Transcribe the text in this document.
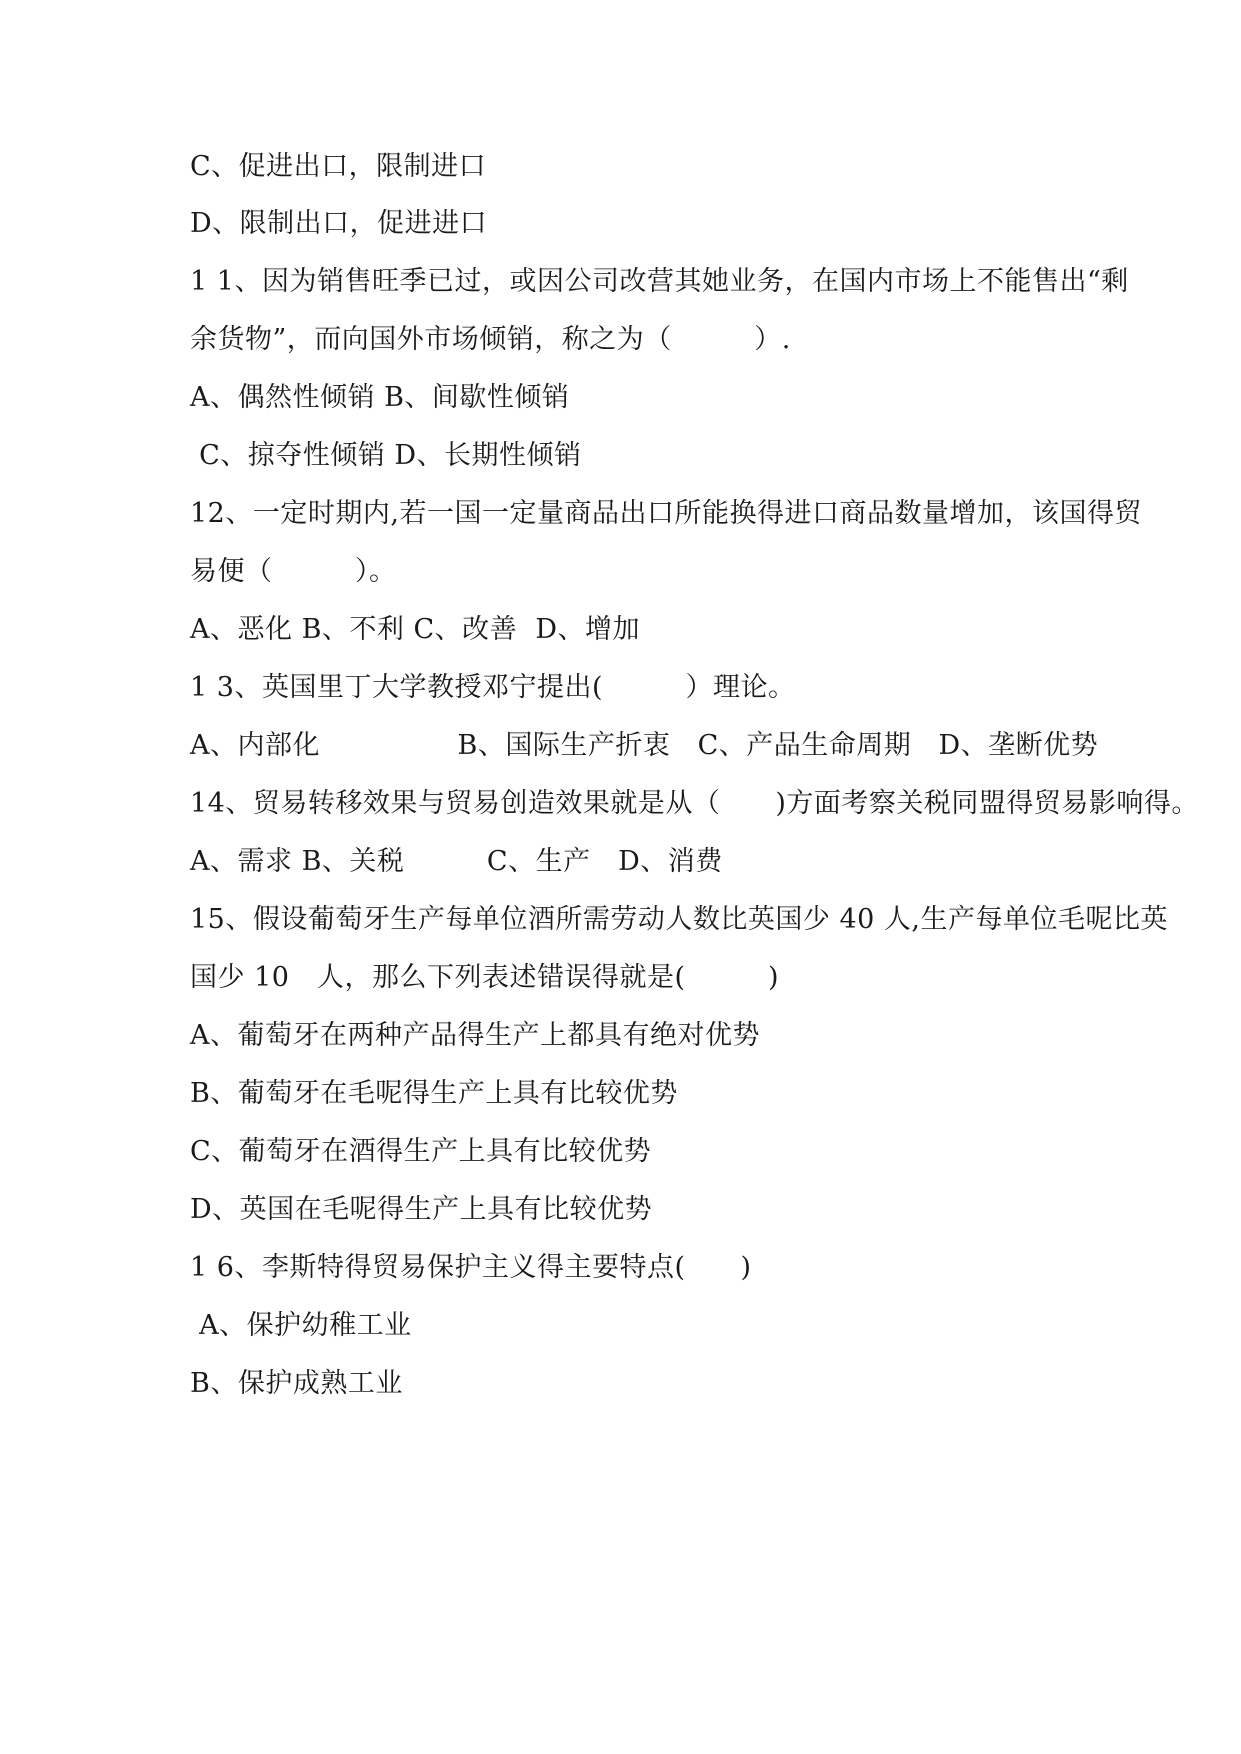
C、促进出口，限制进口
D、限制出口，促进进口
1 1、因为销售旺季已过，或因公司改营其她业务，在国内市场上不能售出“剩
余货物”，而向国外市场倾销，称之为（　　　）.
A、偶然性倾销 B、间歇性倾销
C、掠夺性倾销 D、长期性倾销
12、一定时期内,若一国一定量商品出口所能换得进口商品数量增加，该国得贸
易便（　　　）。
A、恶化 B、不利 C、改善  D、增加
1 3、英国里丁大学教授邓宁提出(　　　）理论。
A、内部化　　　　　B、国际生产折衷   C、产品生命周期   D、垄断优势
14、贸易转移效果与贸易创造效果就是从（　　)方面考察关税同盟得贸易影响得。
A、需求 B、关税　　　C、生产　D、消费
15、假设葡萄牙生产每单位酒所需劳动人数比英国少 40 人,生产每单位毛呢比英
国少 10　人，那么下列表述错误得就是(　　　)
A、葡萄牙在两种产品得生产上都具有绝对优势
B、葡萄牙在毛呢得生产上具有比较优势
C、葡萄牙在酒得生产上具有比较优势
D、英国在毛呢得生产上具有比较优势
1 6、李斯特得贸易保护主义得主要特点(　　)
A、保护幼稚工业
B、保护成熟工业
